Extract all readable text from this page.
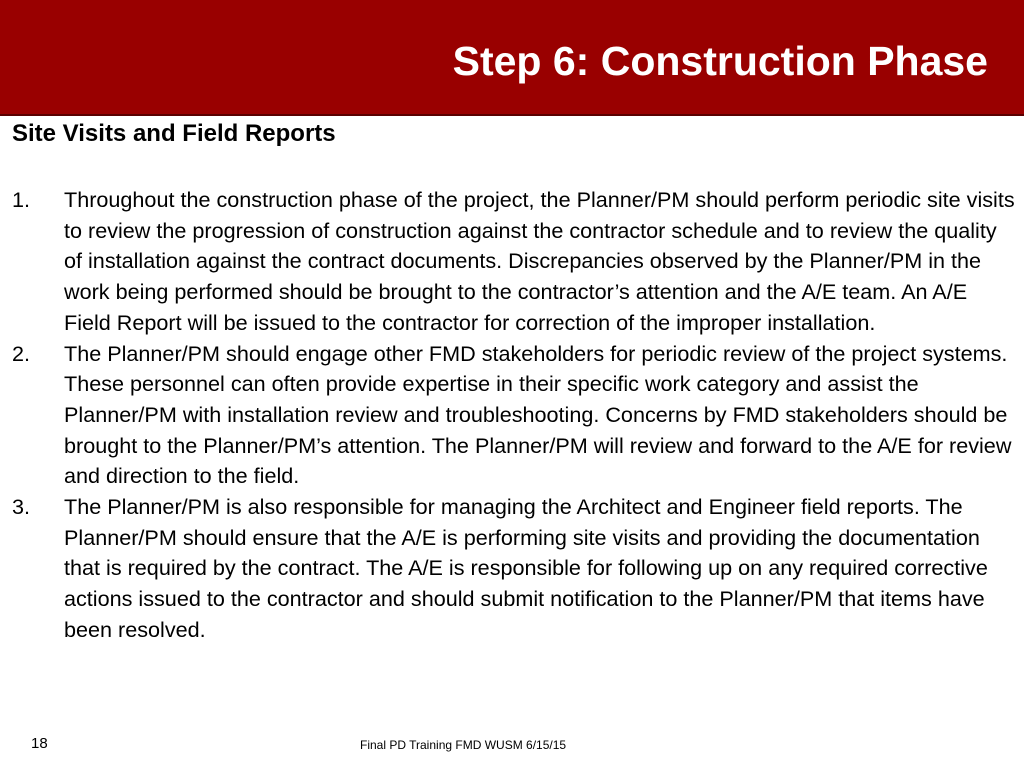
Step 6: Construction Phase
Site Visits and Field Reports
1.	Throughout the construction phase of the project, the Planner/PM should perform periodic site visits to review the progression of construction against the contractor schedule and to review the quality of installation against the contract documents. Discrepancies observed by the Planner/PM in the work being performed should be brought to the contractor’s attention and the A/E team. An A/E Field Report will be issued to the contractor for correction of the improper installation.
2.	The Planner/PM should engage other FMD stakeholders for periodic review of the project systems. These personnel can often provide expertise in their specific work category and assist the Planner/PM with installation review and troubleshooting. Concerns by FMD stakeholders should be brought to the Planner/PM’s attention. The Planner/PM will review and forward to the A/E for review and direction to the field.
3.	The Planner/PM is also responsible for managing the Architect and Engineer field reports. The Planner/PM should ensure that the A/E is performing site visits and providing the documentation that is required by the contract. The A/E is responsible for following up on any required corrective actions issued to the contractor and should submit notification to the Planner/PM that items have been resolved.
18	Final PD Training FMD WUSM 6/15/15
